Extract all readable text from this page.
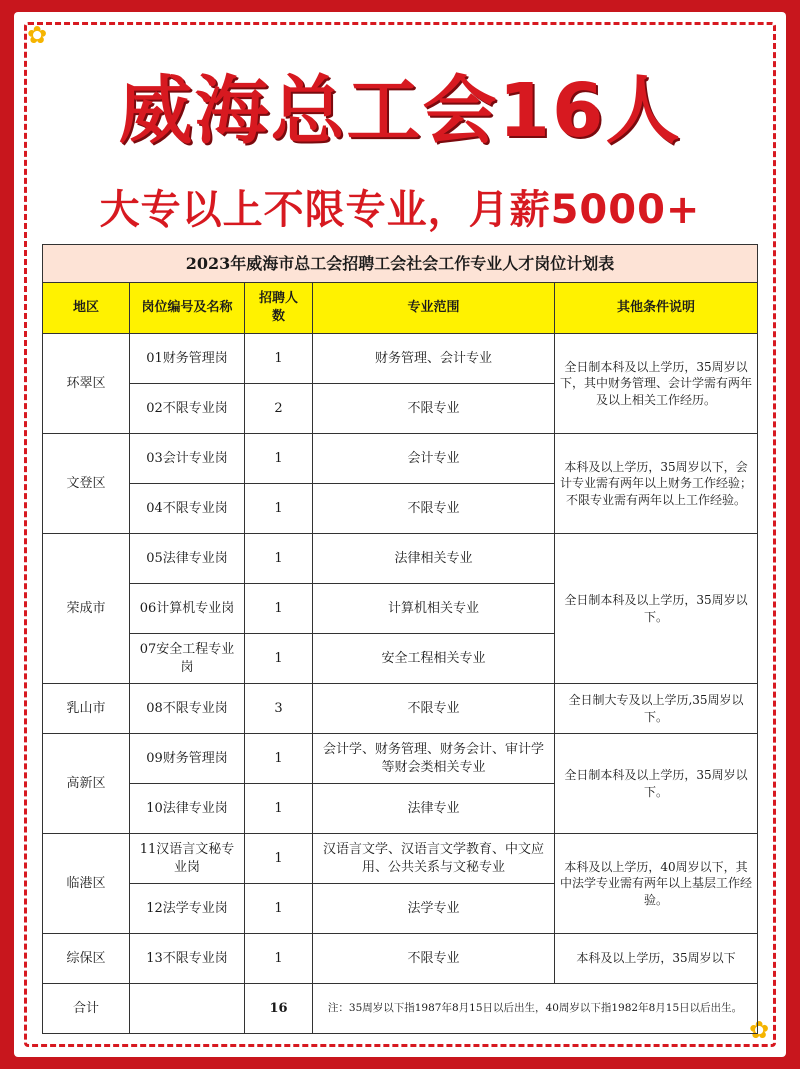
✿
✿
威海总工会16人
大专以上不限专业，月薪5000+
2023年威海市总工会招聘工会社会工作专业人才岗位计划表				
地区	岗位编号及名称	招聘人数	专业范围	其他条件说明
环翠区	01财务管理岗	1	财务管理、会计专业	全日制本科及以上学历，35周岁以下，其中财务管理、会计学需有两年及以上相关工作经历。
	02不限专业岗	2	不限专业	
文登区	03会计专业岗	1	会计专业	本科及以上学历，35周岁以下，会计专业需有两年以上财务工作经验；不限专业需有两年以上工作经验。
	04不限专业岗	1	不限专业	
荣成市	05法律专业岗	1	法律相关专业	全日制本科及以上学历，35周岁以下。
	06计算机专业岗	1	计算机相关专业	
	07安全工程专业岗	1	安全工程相关专业	
乳山市	08不限专业岗	3	不限专业	全日制大专及以上学历,35周岁以下。
高新区	09财务管理岗	1	会计学、财务管理、财务会计、审计学等财会类相关专业	全日制本科及以上学历，35周岁以下。
	10法律专业岗	1	法律专业	
临港区	11汉语言文秘专业岗	1	汉语言文学、汉语言文学教育、中文应用、公共关系与文秘专业	本科及以上学历，40周岁以下，其中法学专业需有两年以上基层工作经验。
	12法学专业岗	1	法学专业	
综保区	13不限专业岗	1	不限专业	本科及以上学历，35周岁以下
合计		16	注：35周岁以下指1987年8月15日以后出生，40周岁以下指1982年8月15日以后出生。	
